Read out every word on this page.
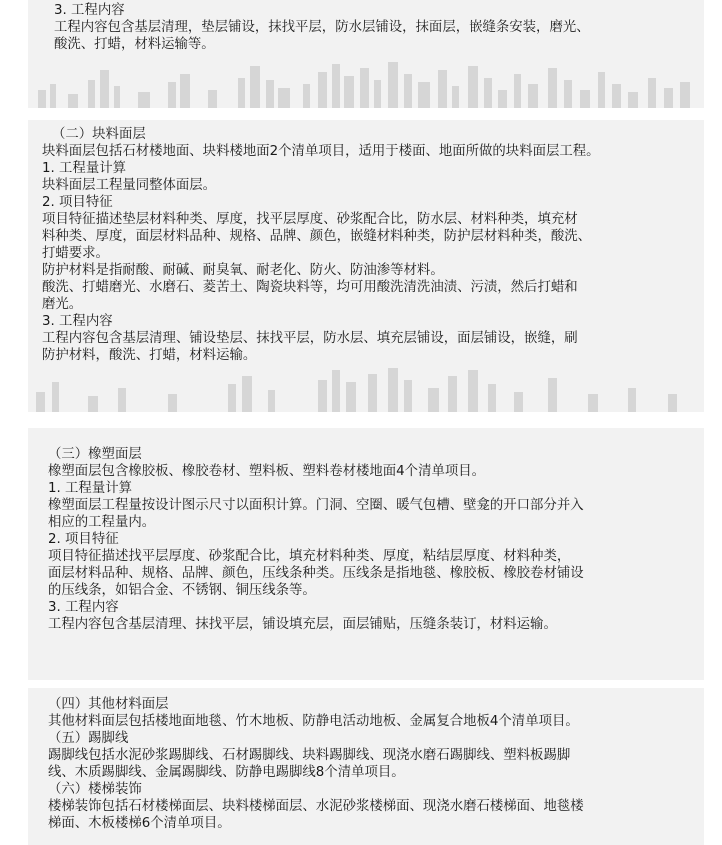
3. 工程内容
工程内容包含基层清理，垫层铺设，抹找平层，防水层铺设，抹面层，嵌缝条安装，磨光、
酸洗、打蜡，材料运输等。
（二）块料面层
块料面层包括石材楼地面、块料楼地面2个清单项目，适用于楼面、地面所做的块料面层工程。
1. 工程量计算
块料面层工程量同整体面层。
2. 项目特征
项目特征描述垫层材料种类、厚度，找平层厚度、砂浆配合比，防水层、材料种类，填充材
料种类、厚度，面层材料品种、规格、品牌、颜色，嵌缝材料种类，防护层材料种类，酸洗、
打蜡要求。
防护材料是指耐酸、耐碱、耐臭氧、耐老化、防火、防油渗等材料。
酸洗、打蜡磨光、水磨石、菱苦土、陶瓷块料等，均可用酸洗清洗油渍、污渍，然后打蜡和
磨光。
3. 工程内容
工程内容包含基层清理、铺设垫层、抹找平层，防水层、填充层铺设，面层铺设，嵌缝，刷
防护材料，酸洗、打蜡，材料运输。
（三）橡塑面层
橡塑面层包含橡胶板、橡胶卷材、塑料板、塑料卷材楼地面4个清单项目。
1. 工程量计算
橡塑面层工程量按设计图示尺寸以面积计算。门洞、空圈、暖气包槽、壁龛的开口部分并入
相应的工程量内。
2. 项目特征
项目特征描述找平层厚度、砂浆配合比，填充材料种类、厚度，粘结层厚度、材料种类，
面层材料品种、规格、品牌、颜色，压线条种类。压线条是指地毯、橡胶板、橡胶卷材铺设
的压线条，如铝合金、不锈钢、铜压线条等。
3. 工程内容
工程内容包含基层清理、抹找平层，铺设填充层，面层铺贴，压缝条装订，材料运输。
（四）其他材料面层
其他材料面层包括楼地面地毯、竹木地板、防静电活动地板、金属复合地板4个清单项目。
（五）踢脚线
踢脚线包括水泥砂浆踢脚线、石材踢脚线、块料踢脚线、现浇水磨石踢脚线、塑料板踢脚
线、木质踢脚线、金属踢脚线、防静电踢脚线8个清单项目。
（六）楼梯装饰
楼梯装饰包括石材楼梯面层、块料楼梯面层、水泥砂浆楼梯面、现浇水磨石楼梯面、地毯楼
梯面、木板楼梯6个清单项目。
